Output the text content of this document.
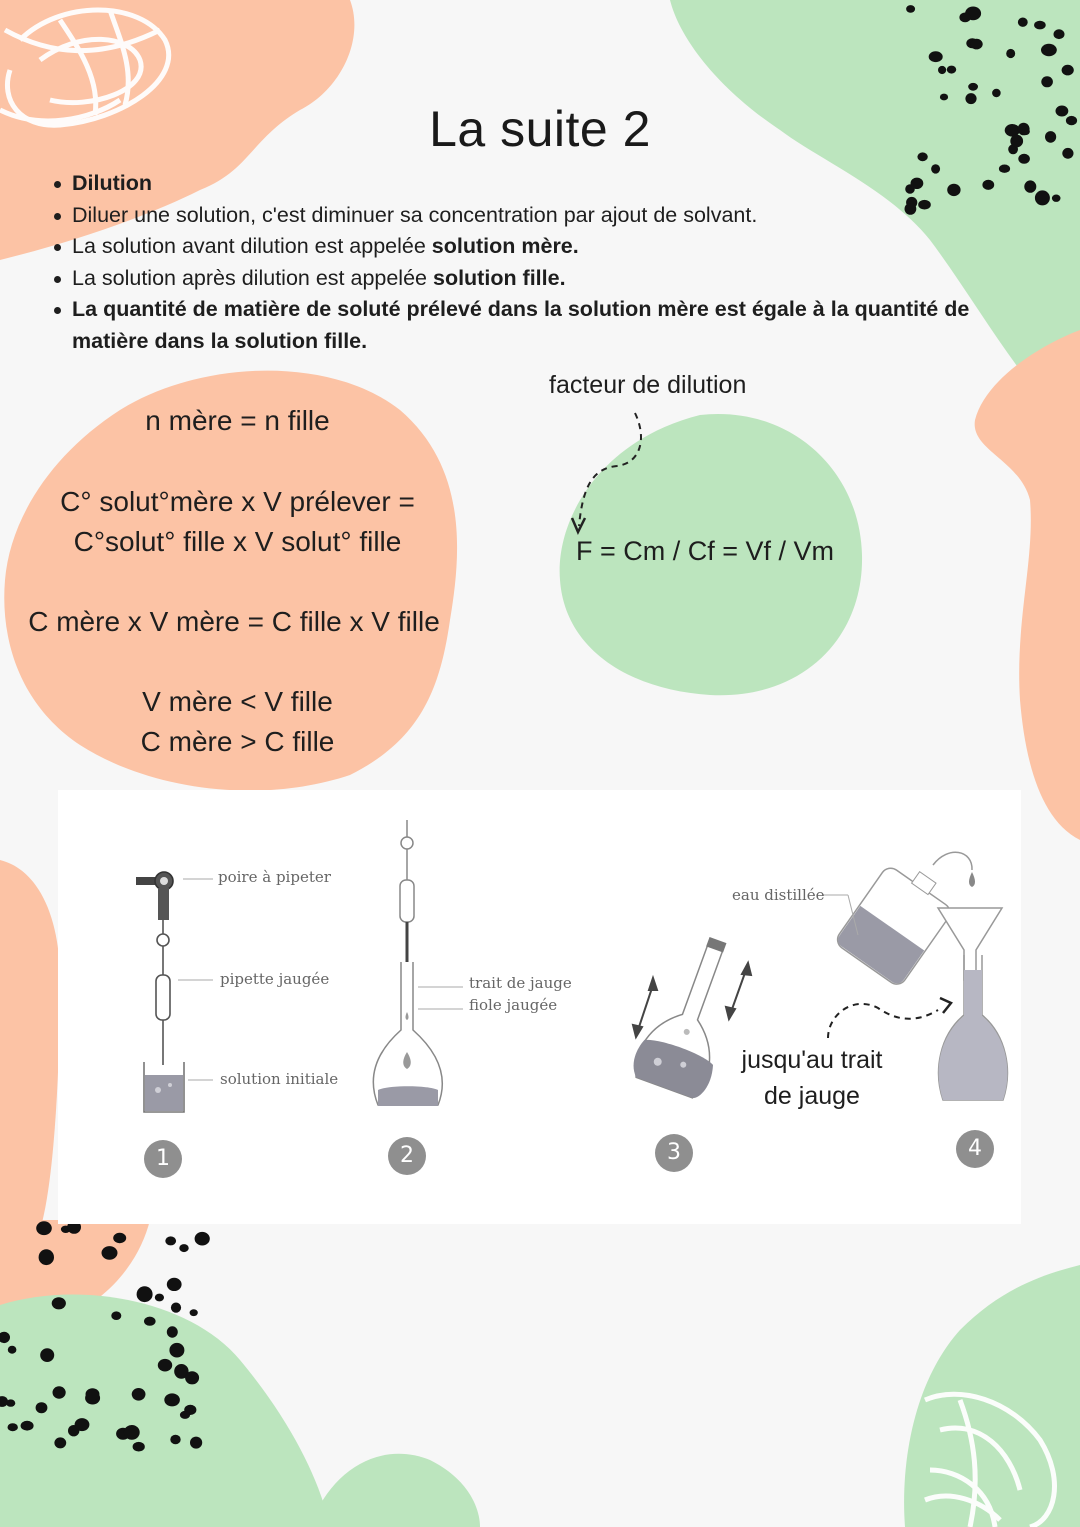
La suite 2
Dilution
Diluer une solution, c'est diminuer sa concentration par ajout de solvant.
La solution avant dilution est appelée solution mère.
La solution après dilution est appelée solution fille.
La quantité de matière de soluté prélevé dans la solution mère est égale à la quantité de matière dans la solution fille.
n mère = n fille
C° solut°mère x V prélever =
C°solut° fille x V solut° fille
C mère x V mère = C fille x V fille
V mère < V fille
C mère > C fille
facteur de dilution
F = Cm / Cf = Vf / Vm
poire à pipeter
pipette jaugée
solution initiale
trait de jauge
fiole jaugée
eau distillée
jusqu'au trait
de jauge
1	2	3	4
